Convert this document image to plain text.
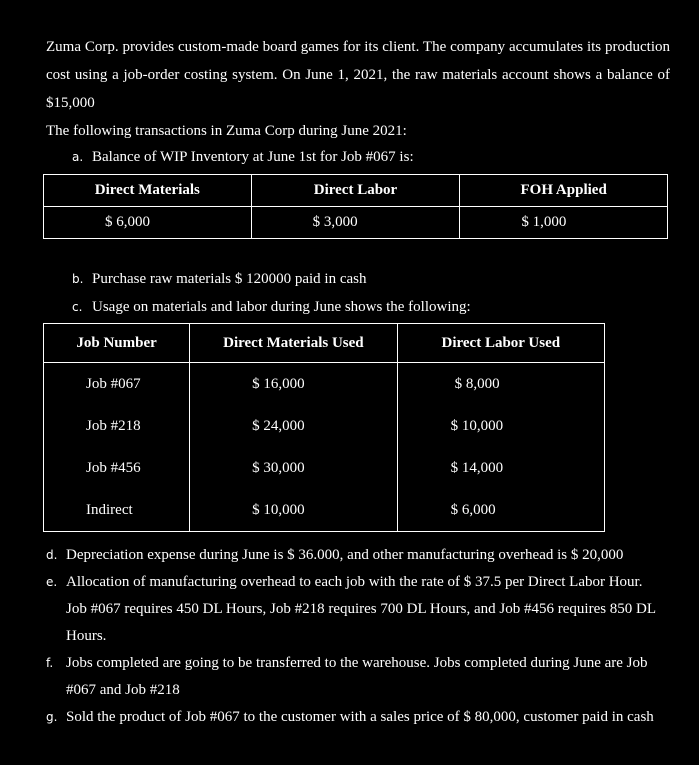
Zuma Corp. provides custom-made board games for its client. The company accumulates its production cost using a job-order costing system. On June 1, 2021, the raw materials account shows a balance of $15,000

The following transactions in Zuma Corp during June 2021:

a. Balance of WIP Inventory at June 1st for Job #067 is:
Direct Materials	Direct Labor	FOH Applied
$ 6,000	$ 3,000	$ 1,000
b. Purchase raw materials $ 120000 paid in cash
c. Usage on materials and labor during June shows the following:
Job Number	Direct Materials Used	Direct Labor Used
Job #067	$ 16,000	$ 8,000
Job #218	$ 24,000	$ 10,000
Job #456	$ 30,000	$ 14,000
Indirect	$ 10,000	$ 6,000
d. Depreciation expense during June is $ 36.000, and other manufacturing overhead is $ 20,000
e. Allocation of manufacturing overhead to each job with the rate of $ 37.5 per Direct Labor Hour. Job #067 requires 450 DL Hours, Job #218 requires 700 DL Hours, and Job #456 requires 850 DL Hours.
f. Jobs completed are going to be transferred to the warehouse. Jobs completed during June are Job #067 and Job #218
g. Sold the product of Job #067 to the customer with a sales price of $ 80,000, customer paid in cash
